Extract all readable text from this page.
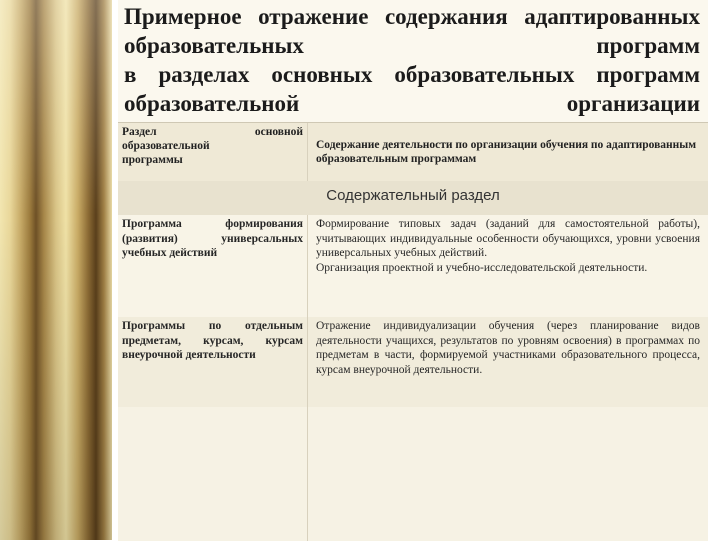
Примерное отражение содержания адаптированных
образовательных программ
в разделах основных образовательных программ
образовательной организации
Раздел	основной
образовательной программы
Содержание деятельности по организации обучения по адаптированным образовательным программам
Содержательный раздел
Программа формирования (развития) универсальных учебных действий

Формирование типовых задач (заданий для самостоятельной работы), учитывающих индивидуальные особенности обучающихся, уровни усвоения универсальных учебных действий.

Организация проектной и учебно-исследовательской деятельности.

Программы по отдельным предметам, курсам, курсам внеурочной деятельности

Отражение индивидуализации обучения (через планирование видов деятельности учащихся, результатов по уровням освоения) в программах по предметам в части, формируемой участниками образовательного процесса, курсам внеурочной деятельности.
